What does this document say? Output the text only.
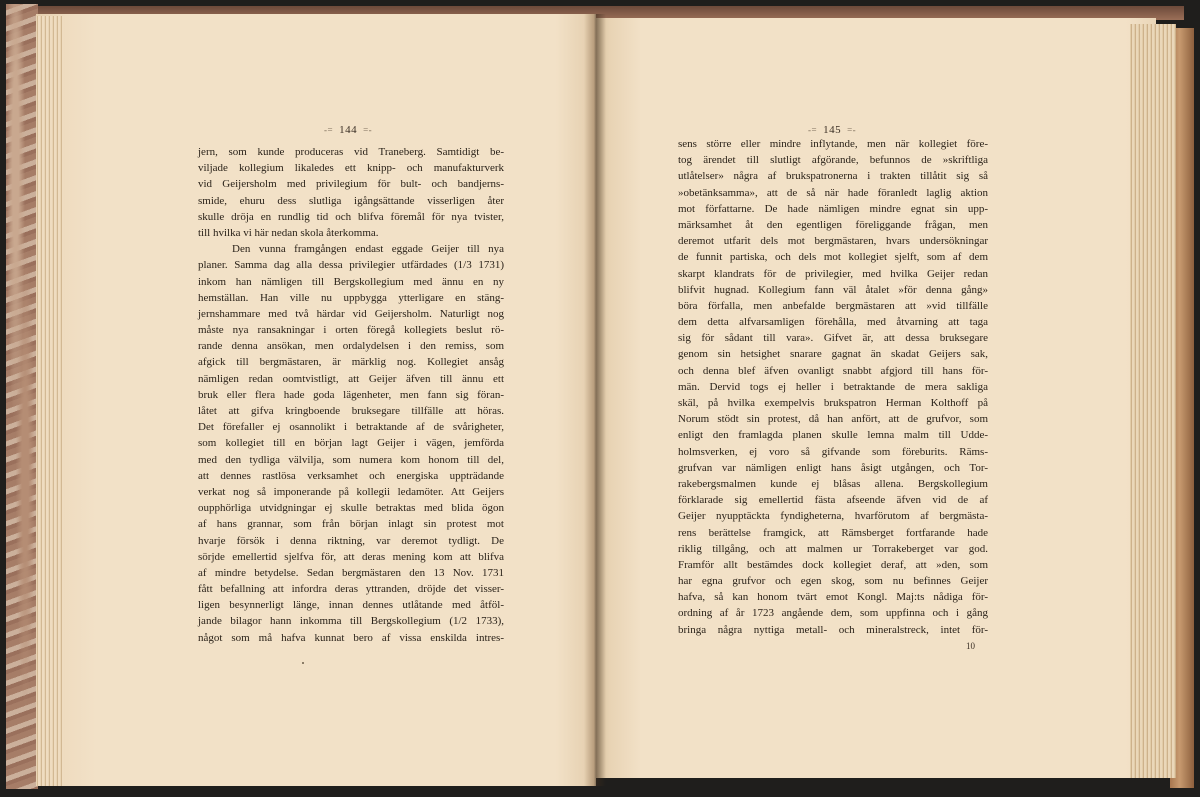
-= 144 =-	-= 145 =-
jern, som kunde produceras vid Traneberg. Samtidigt be-
viljade kollegium likaledes ett knipp- och manufakturverk
vid Geijersholm med privilegium för bult- och bandjerns-
smide, ehuru dess slutliga igångsättande visserligen åter
skulle dröja en rundlig tid och blifva föremål för nya tvister,
till hvilka vi här nedan skola återkomma.
Den vunna framgången endast eggade Geijer till nya
planer. Samma dag alla dessa privilegier utfärdades (1/3 1731)
inkom han nämligen till Bergskollegium med ännu en ny
hemställan. Han ville nu uppbygga ytterligare en stäng-
jernshammare med två härdar vid Geijersholm. Naturligt nog
måste nya ransakningar i orten föregå kollegiets beslut rö-
rande denna ansökan, men ordalydelsen i den remiss, som
afgick till bergmästaren, är märklig nog. Kollegiet ansåg
nämligen redan oomtvistligt, att Geijer äfven till ännu ett
bruk eller flera hade goda lägenheter, men fann sig föran-
låtet att gifva kringboende bruksegare tillfälle att höras.
Det förefaller ej osannolikt i betraktande af de svårigheter,
som kollegiet till en början lagt Geijer i vägen, jemförda
med den tydliga välvilja, som numera kom honom till del,
att dennes rastlösa verksamhet och energiska uppträdande
verkat nog så imponerande på kollegii ledamöter. Att Geijers
oupphörliga utvidgningar ej skulle betraktas med blida ögon
af hans grannar, som från början inlagt sin protest mot
hvarje försök i denna riktning, var deremot tydligt. De
sörjde emellertid sjelfva för, att deras mening kom att blifva
af mindre betydelse. Sedan bergmästaren den 13 Nov. 1731
fått befallning att infordra deras yttranden, dröjde det visser-
ligen besynnerligt länge, innan dennes utlåtande med åtföl-
jande bilagor hann inkomma till Bergskollegium (1/2 1733),
något som må hafva kunnat bero af vissa enskilda intres-
sens större eller mindre inflytande, men när kollegiet före-
tog ärendet till slutligt afgörande, befunnos de »skriftliga
utlåtelser» några af brukspatronerna i trakten tillåtit sig så
»obetänksamma», att de så när hade föranledt laglig aktion
mot författarne. De hade nämligen mindre egnat sin upp-
märksamhet åt den egentligen föreliggande frågan, men
deremot utfarit dels mot bergmästaren, hvars undersökningar
de funnit partiska, och dels mot kollegiet sjelft, som af dem
skarpt klandrats för de privilegier, med hvilka Geijer redan
blifvit hugnad. Kollegium fann väl åtalet »för denna gång»
böra förfalla, men anbefalde bergmästaren att »vid tillfälle
dem detta alfvarsamligen förehålla, med åtvarning att taga
sig för sådant till vara». Gifvet är, att dessa bruksegare
genom sin hetsighet snarare gagnat än skadat Geijers sak,
och denna blef äfven ovanligt snabbt afgjord till hans för-
män. Dervid togs ej heller i betraktande de mera sakliga
skäl, på hvilka exempelvis brukspatron Herman Kolthoff på
Norum stödt sin protest, då han anfört, att de grufvor, som
enligt den framlagda planen skulle lemna malm till Udde-
holmsverken, ej voro så gifvande som föreburits. Räms-
grufvan var nämligen enligt hans åsigt utgången, och Tor-
rakebergsmalmen kunde ej blåsas allena. Bergskollegium
förklarade sig emellertid fästa afseende äfven vid de af
Geijer nyupptäckta fyndigheterna, hvarförutom af bergmästa-
rens berättelse framgick, att Rämsberget fortfarande hade
riklig tillgång, och att malmen ur Torrakeberget var god.
Framför allt bestämdes dock kollegiet deraf, att »den, som
har egna grufvor och egen skog, som nu befinnes Geijer
hafva, så kan honom tvärt emot Kongl. Maj:ts nådiga för-
ordning af år 1723 angående dem, som uppfinna och i gång
bringa några nyttiga metall- och mineralstreck, intet för-
10
